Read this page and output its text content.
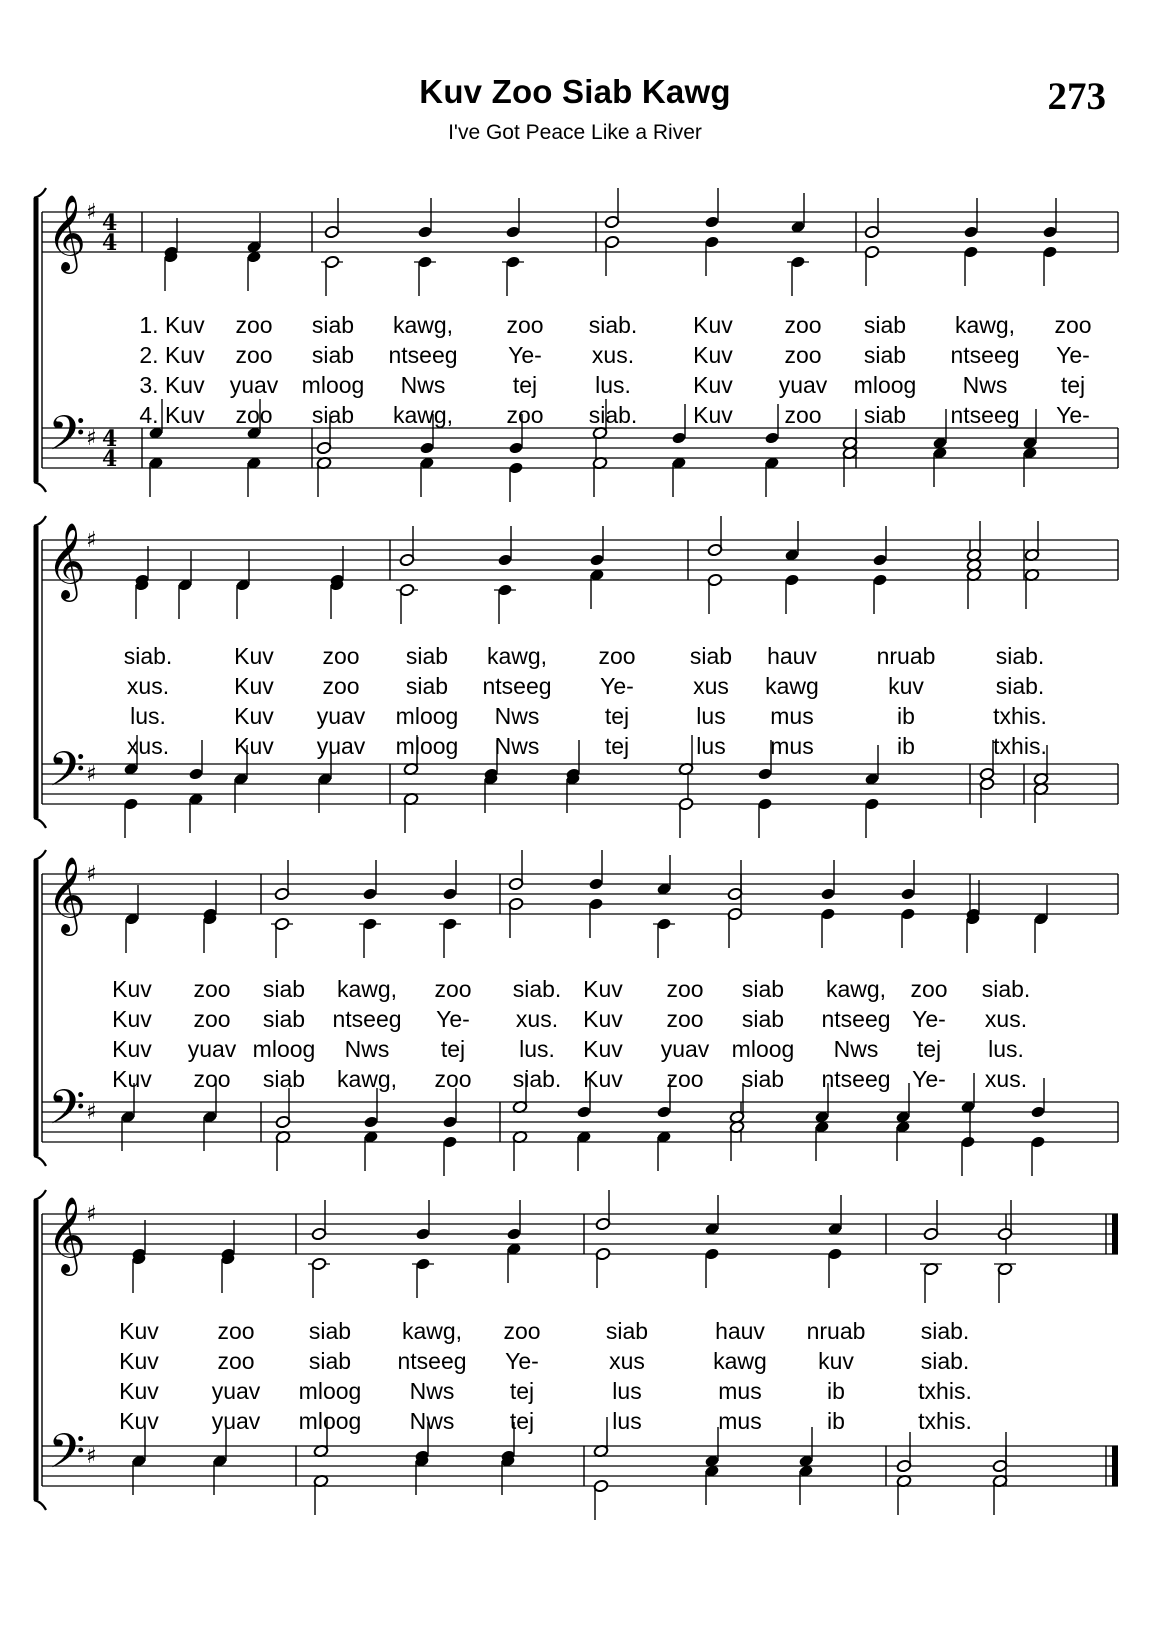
Kuv Zoo Siab Kawg
I've Got Peace Like a River
273
𝄞
𝄢
♯
♯
4
4
4
4
1. Kuv zoo siab kawg, zoo siab. Kuv zoo siab kawg, zoo
2. Kuv zoo siab ntseeg Ye- xus.	Kuv zoo siab ntseeg Ye-
3. Kuv yuav mloog Nws	tej	lus.	Kuv yuav mloog Nws tej
4. Kuv zoo siab kawg, zoo siab. Kuv zoo siab ntseeg Ye-
𝄞
𝄢
♯
♯
siab.	Kuv zoo siab kawg, zoo siab hauv	nruab	siab.
xus.	Kuv zoo siab ntseeg Ye-	xus kawg	kuv	siab.
lus.	Kuv yuav mloog Nws	tej	lus mus	ib	txhis.
xus.	Kuv yuav mloog Nws	tej	lus mus	ib	txhis.
𝄞
𝄢
♯
♯
Kuv zoo siab kawg, zoo siab. Kuv zoo siab kawg, zoo siab.
Kuv zoo siab ntseeg Ye- xus. Kuv zoo siab ntseeg Ye- xus.
Kuv yuav mloog Nws tej lus. Kuv yuav mloog Nws tej lus.
Kuv zoo siab kawg, zoo siab. Kuv zoo siab ntseeg Ye- xus.
𝄞
𝄢
♯
♯
Kuv	zoo siab kawg, zoo	siab	hauv nruab siab.
Kuv	zoo siab ntseeg Ye-	xus	kawg kuv	siab.
Kuv yuav mloog Nws tej	lus	mus	ib	txhis.
Kuv yuav mloog Nws tej	lus	mus	ib	txhis.
